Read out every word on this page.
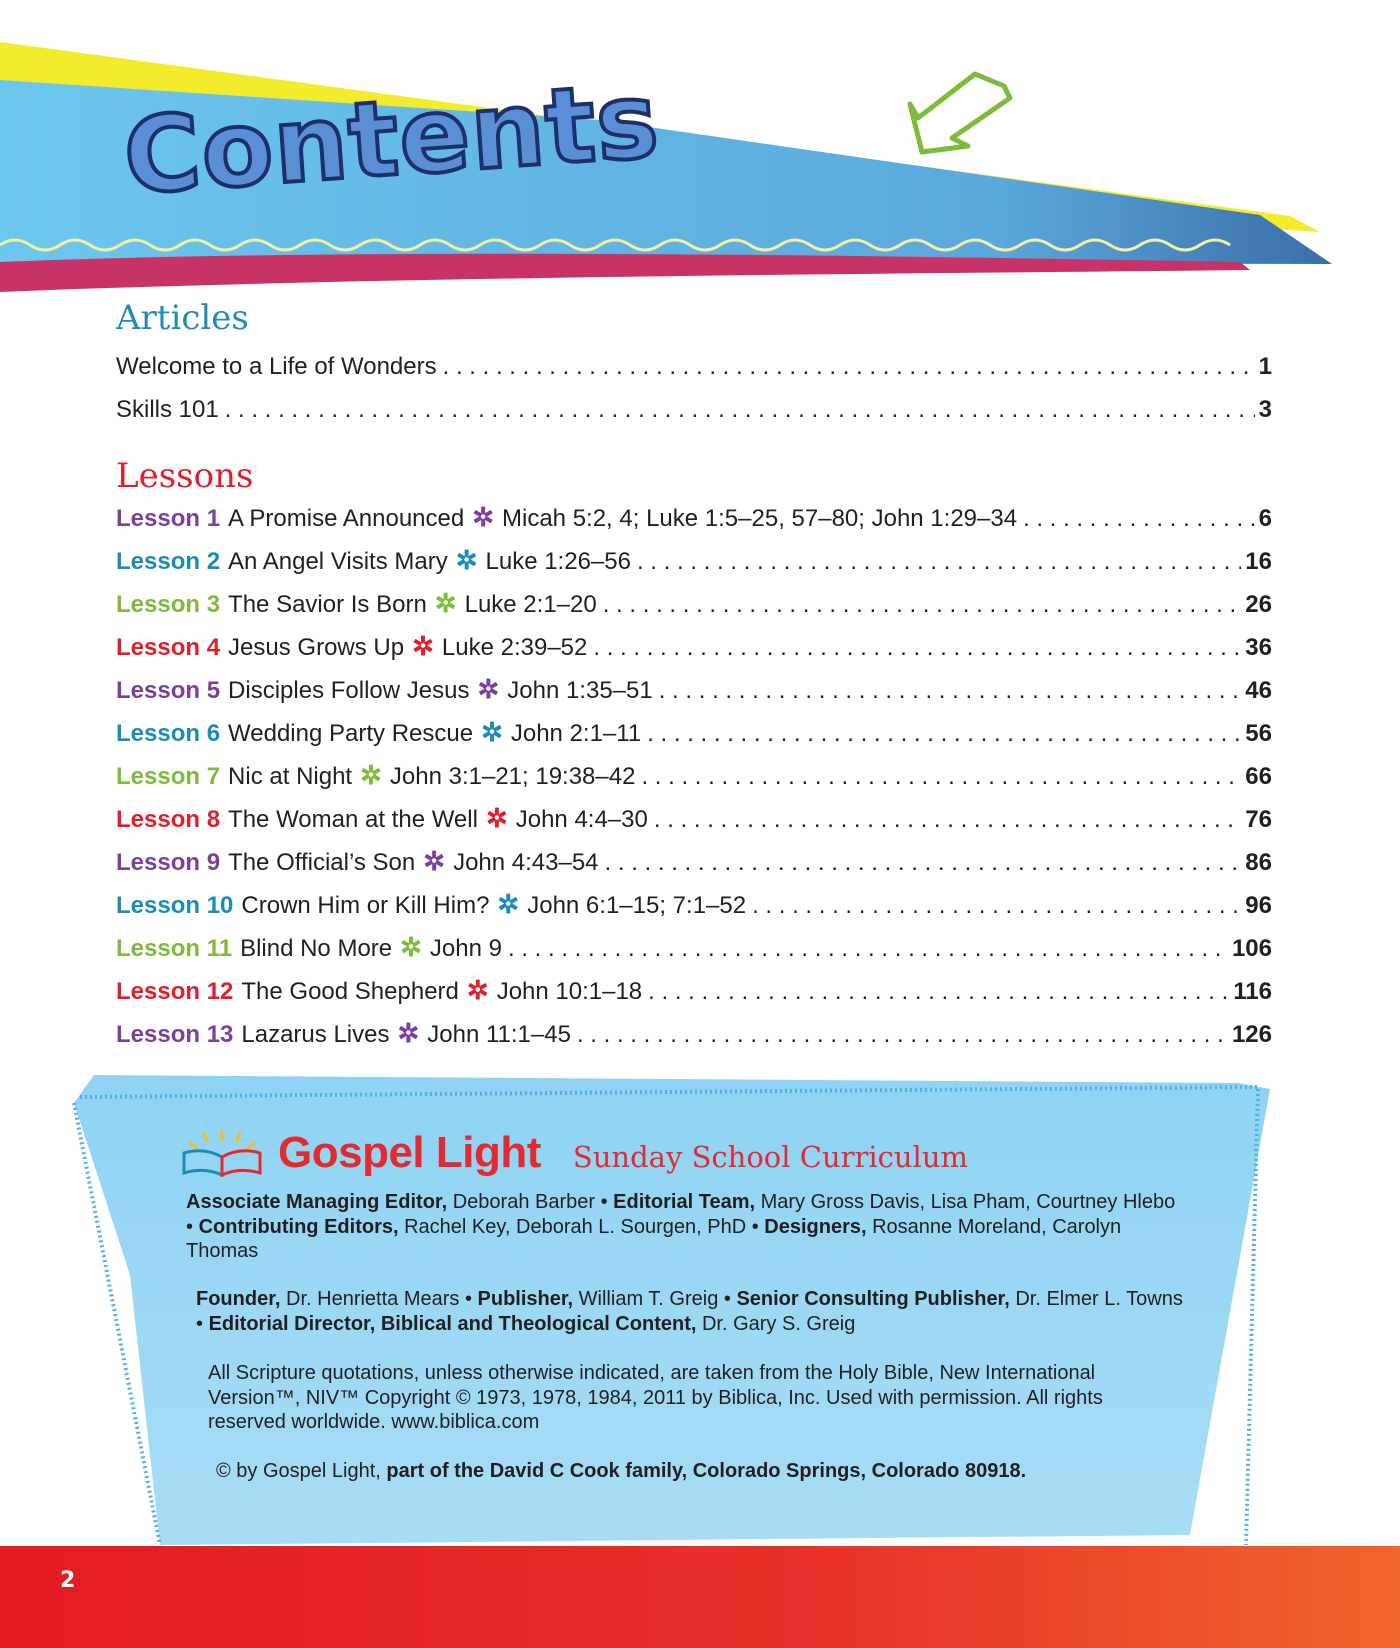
Contents
Articles
Welcome to a Life of Wonders . . .	1
Skills 101 . . .	3
Lessons
Lesson 1 A Promise Announced ✲ Micah 5:2, 4; Luke 1:5–25, 57–80; John 1:29–34 . . .	6
Lesson 2 An Angel Visits Mary ✲ Luke 1:26–56 . . .	16
Lesson 3 The Savior Is Born ✲ Luke 2:1–20 . . .	26
Lesson 4 Jesus Grows Up ✲ Luke 2:39–52 . . .	36
Lesson 5 Disciples Follow Jesus ✲ John 1:35–51 . . .	46
Lesson 6 Wedding Party Rescue ✲ John 2:1–11 . . .	56
Lesson 7 Nic at Night ✲ John 3:1–21; 19:38–42 . . .	66
Lesson 8 The Woman at the Well ✲ John 4:4–30 . . .	76
Lesson 9 The Official’s Son ✲ John 4:43–54 . . .	86
Lesson 10 Crown Him or Kill Him? ✲ John 6:1–15; 7:1–52 . . .	96
Lesson 11 Blind No More ✲ John 9 . . .	106
Lesson 12 The Good Shepherd ✲ John 10:1–18 . . .	116
Lesson 13 Lazarus Lives ✲ John 11:1–45 . . .	126
Gospel Light Sunday School Curriculum

Associate Managing Editor, Deborah Barber • Editorial Team, Mary Gross Davis, Lisa Pham, Courtney Hlebo • Contributing Editors, Rachel Key, Deborah L. Sourgen, PhD • Designers, Rosanne Moreland, Carolyn Thomas

Founder, Dr. Henrietta Mears • Publisher, William T. Greig • Senior Consulting Publisher, Dr. Elmer L. Towns • Editorial Director, Biblical and Theological Content, Dr. Gary S. Greig

All Scripture quotations, unless otherwise indicated, are taken from the Holy Bible, New International Version™, NIV™ Copyright © 1973, 1978, 1984, 2011 by Biblica, Inc. Used with permission. All rights reserved worldwide. www.biblica.com

© by Gospel Light, part of the David C Cook family, Colorado Springs, Colorado 80918.

2
